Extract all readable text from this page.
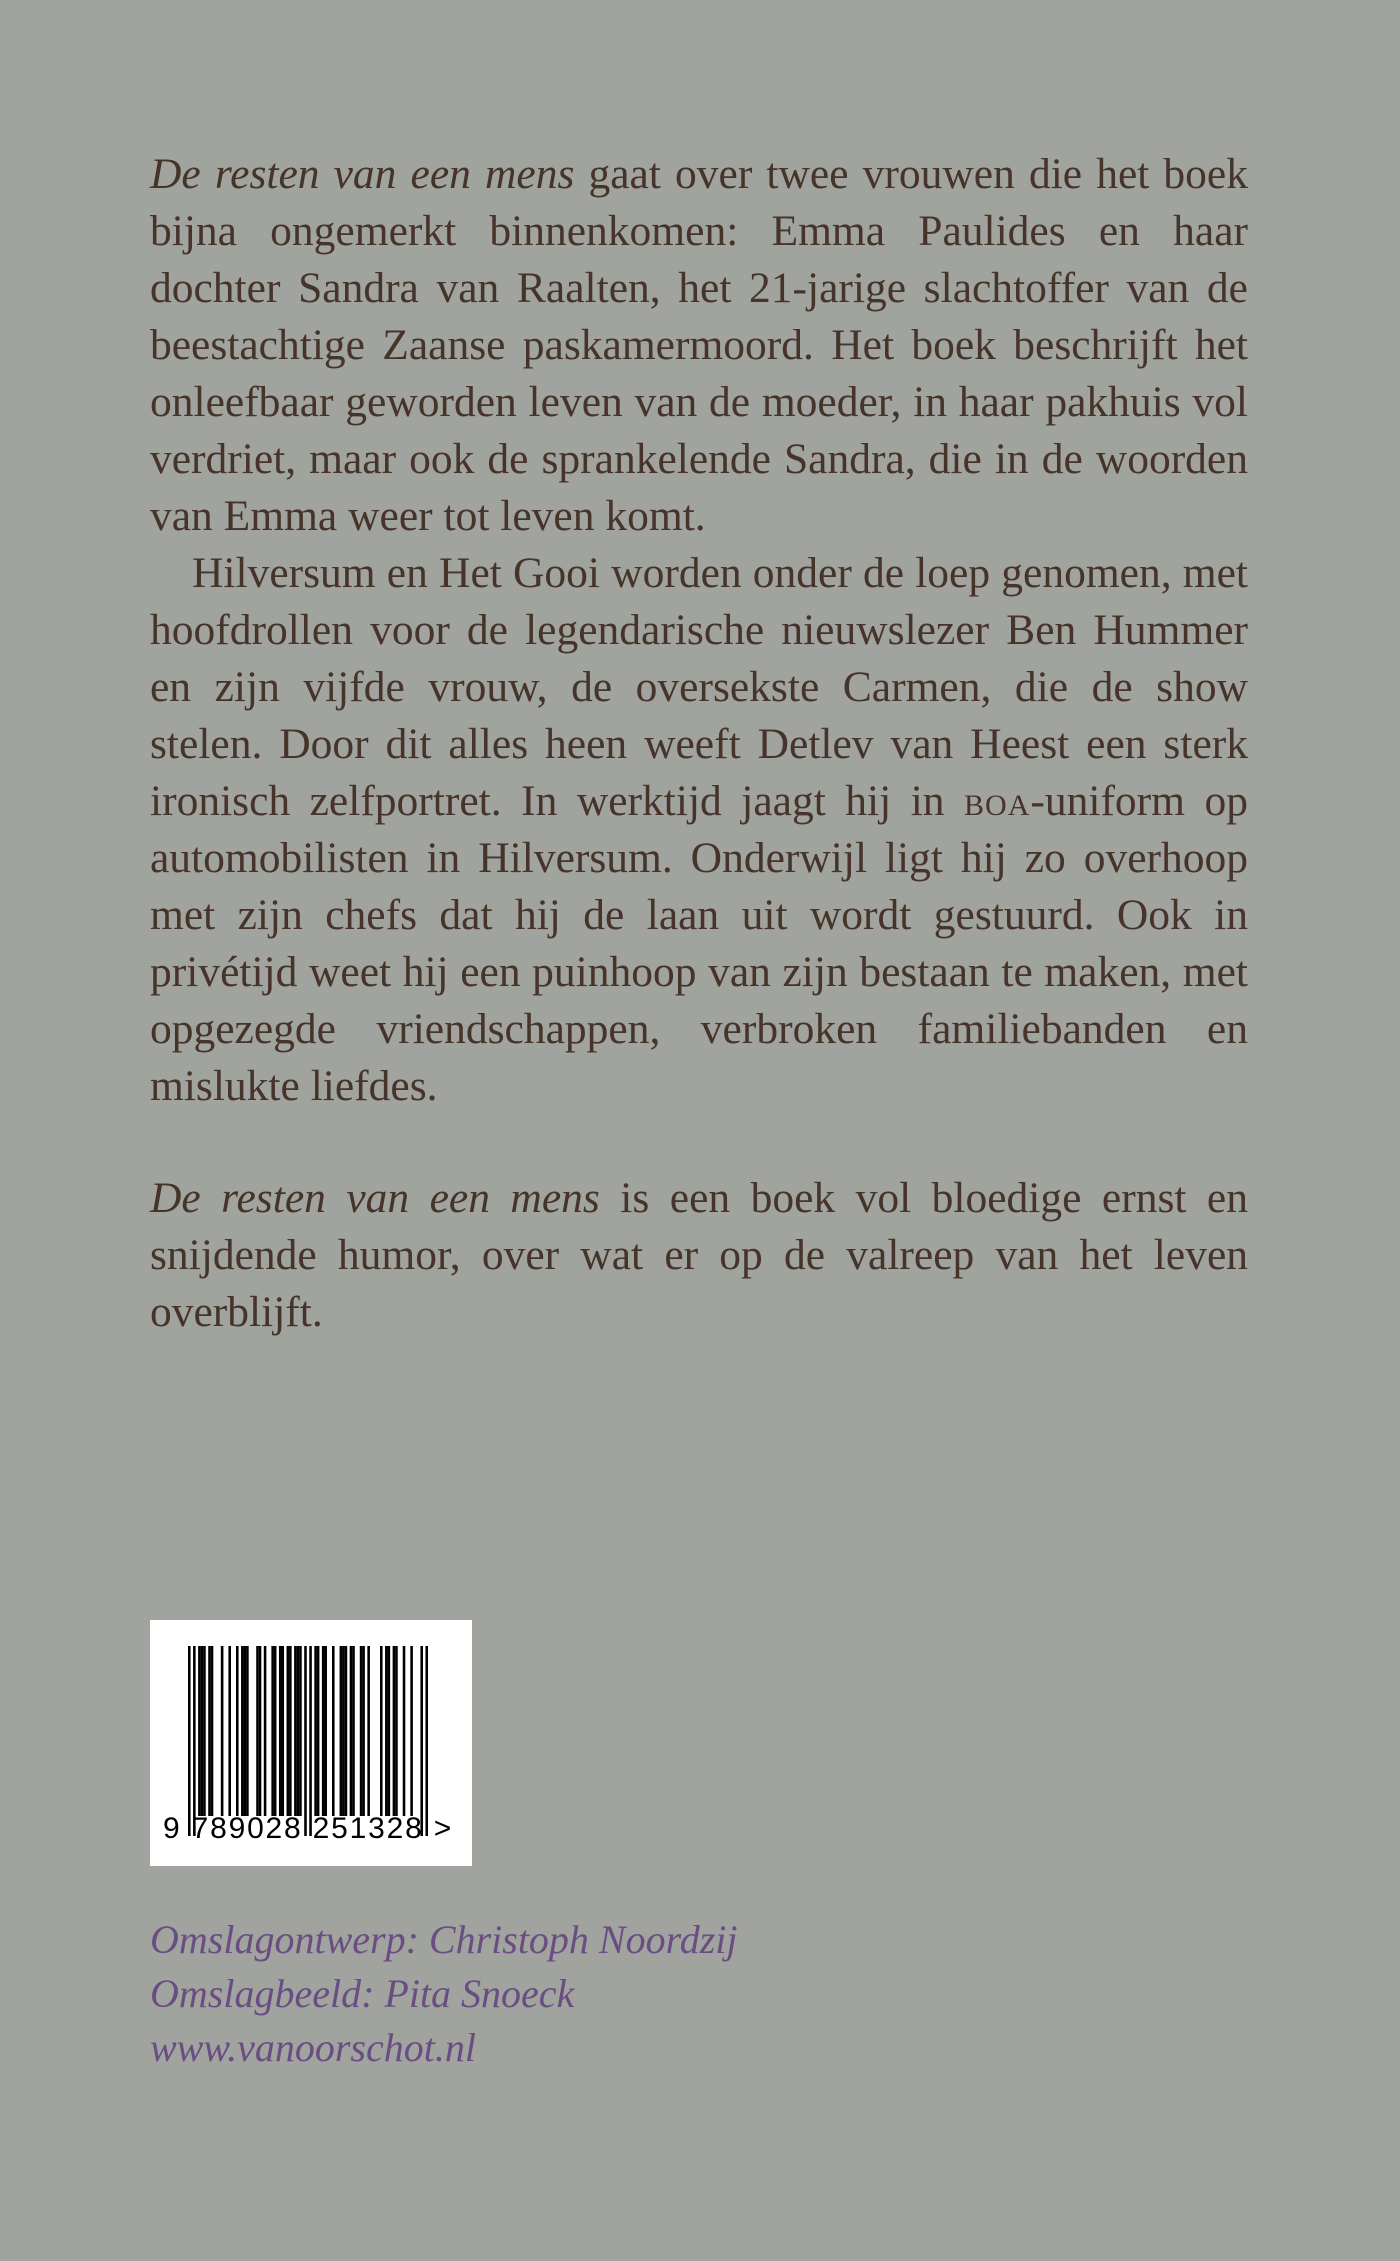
De resten van een mens gaat over twee vrouwen die het boek bijna ongemerkt binnenkomen: Emma Paulides en haar dochter Sandra van Raalten, het 21-jarige slachtoffer van de beestachtige Zaanse paskamermoord. Het boek beschrijft het onleefbaar geworden leven van de moeder, in haar pakhuis vol verdriet, maar ook de sprankelende Sandra, die in de woorden van Emma weer tot leven komt.

Hilversum en Het Gooi worden onder de loep genomen, met hoofdrollen voor de legendarische nieuwslezer Ben Hummer en zijn vijfde vrouw, de oversekste Carmen, die de show stelen. Door dit alles heen weeft Detlev van Heest een sterk ironisch zelfportret. In werktijd jaagt hij in boa-uniform op automobilisten in Hilversum. Onderwijl ligt hij zo overhoop met zijn chefs dat hij de laan uit wordt gestuurd. Ook in privétijd weet hij een puinhoop van zijn bestaan te maken, met opgezegde vriendschappen, verbroken familiebanden en mislukte liefdes.

De resten van een mens is een boek vol bloedige ernst en snijdende humor, over wat er op de valreep van het leven overblijft.

9 789028 251328 >
Omslagontwerp: Christoph Noordzij
Omslagbeeld: Pita Snoeck
www.vanoorschot.nl
